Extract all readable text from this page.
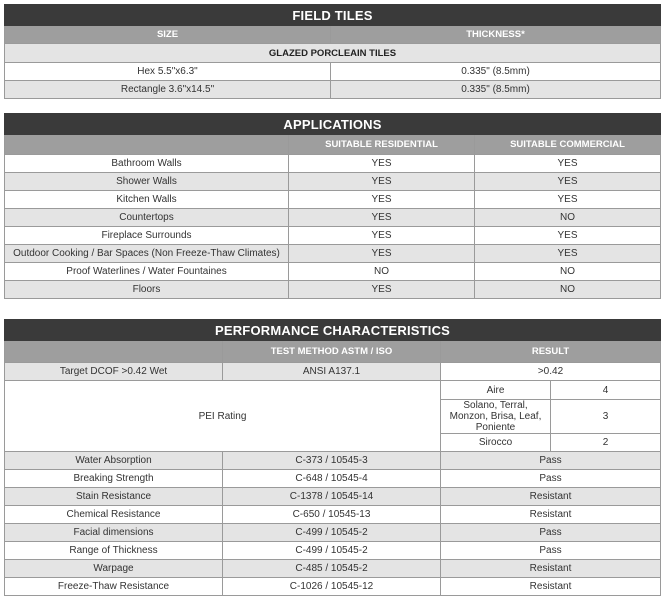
FIELD TILES	
SIZE	THICKNESS*
GLAZED PORCLEAIN TILES	
Hex 5.5"x6.3"	0.335" (8.5mm)
Rectangle 3.6"x14.5"	0.335" (8.5mm)
APPLICATIONS		
	SUITABLE RESIDENTIAL	SUITABLE COMMERCIAL
Bathroom Walls	YES	YES
Shower Walls	YES	YES
Kitchen Walls	YES	YES
Countertops	YES	NO
Fireplace Surrounds	YES	YES
Outdoor Cooking / Bar Spaces (Non Freeze-Thaw Climates)	YES	YES
Proof Waterlines / Water Fountaines	NO	NO
Floors	YES	NO
PERFORMANCE CHARACTERISTICS			
	TEST METHOD ASTM / ISO	RESULT	
Target DCOF >0.42 Wet	ANSI A137.1	>0.42	
PEI Rating		Aire	4
		Solano, Terral, Monzon, Brisa, Leaf, Poniente	3
		Sirocco	2
Water Absorption	C-373 / 10545-3	Pass	
Breaking Strength	C-648 / 10545-4	Pass	
Stain Resistance	C-1378 / 10545-14	Resistant	
Chemical Resistance	C-650 / 10545-13	Resistant	
Facial dimensions	C-499 / 10545-2	Pass	
Range of Thickness	C-499 / 10545-2	Pass	
Warpage	C-485 / 10545-2	Resistant	
Freeze-Thaw Resistance	C-1026 / 10545-12	Resistant	
